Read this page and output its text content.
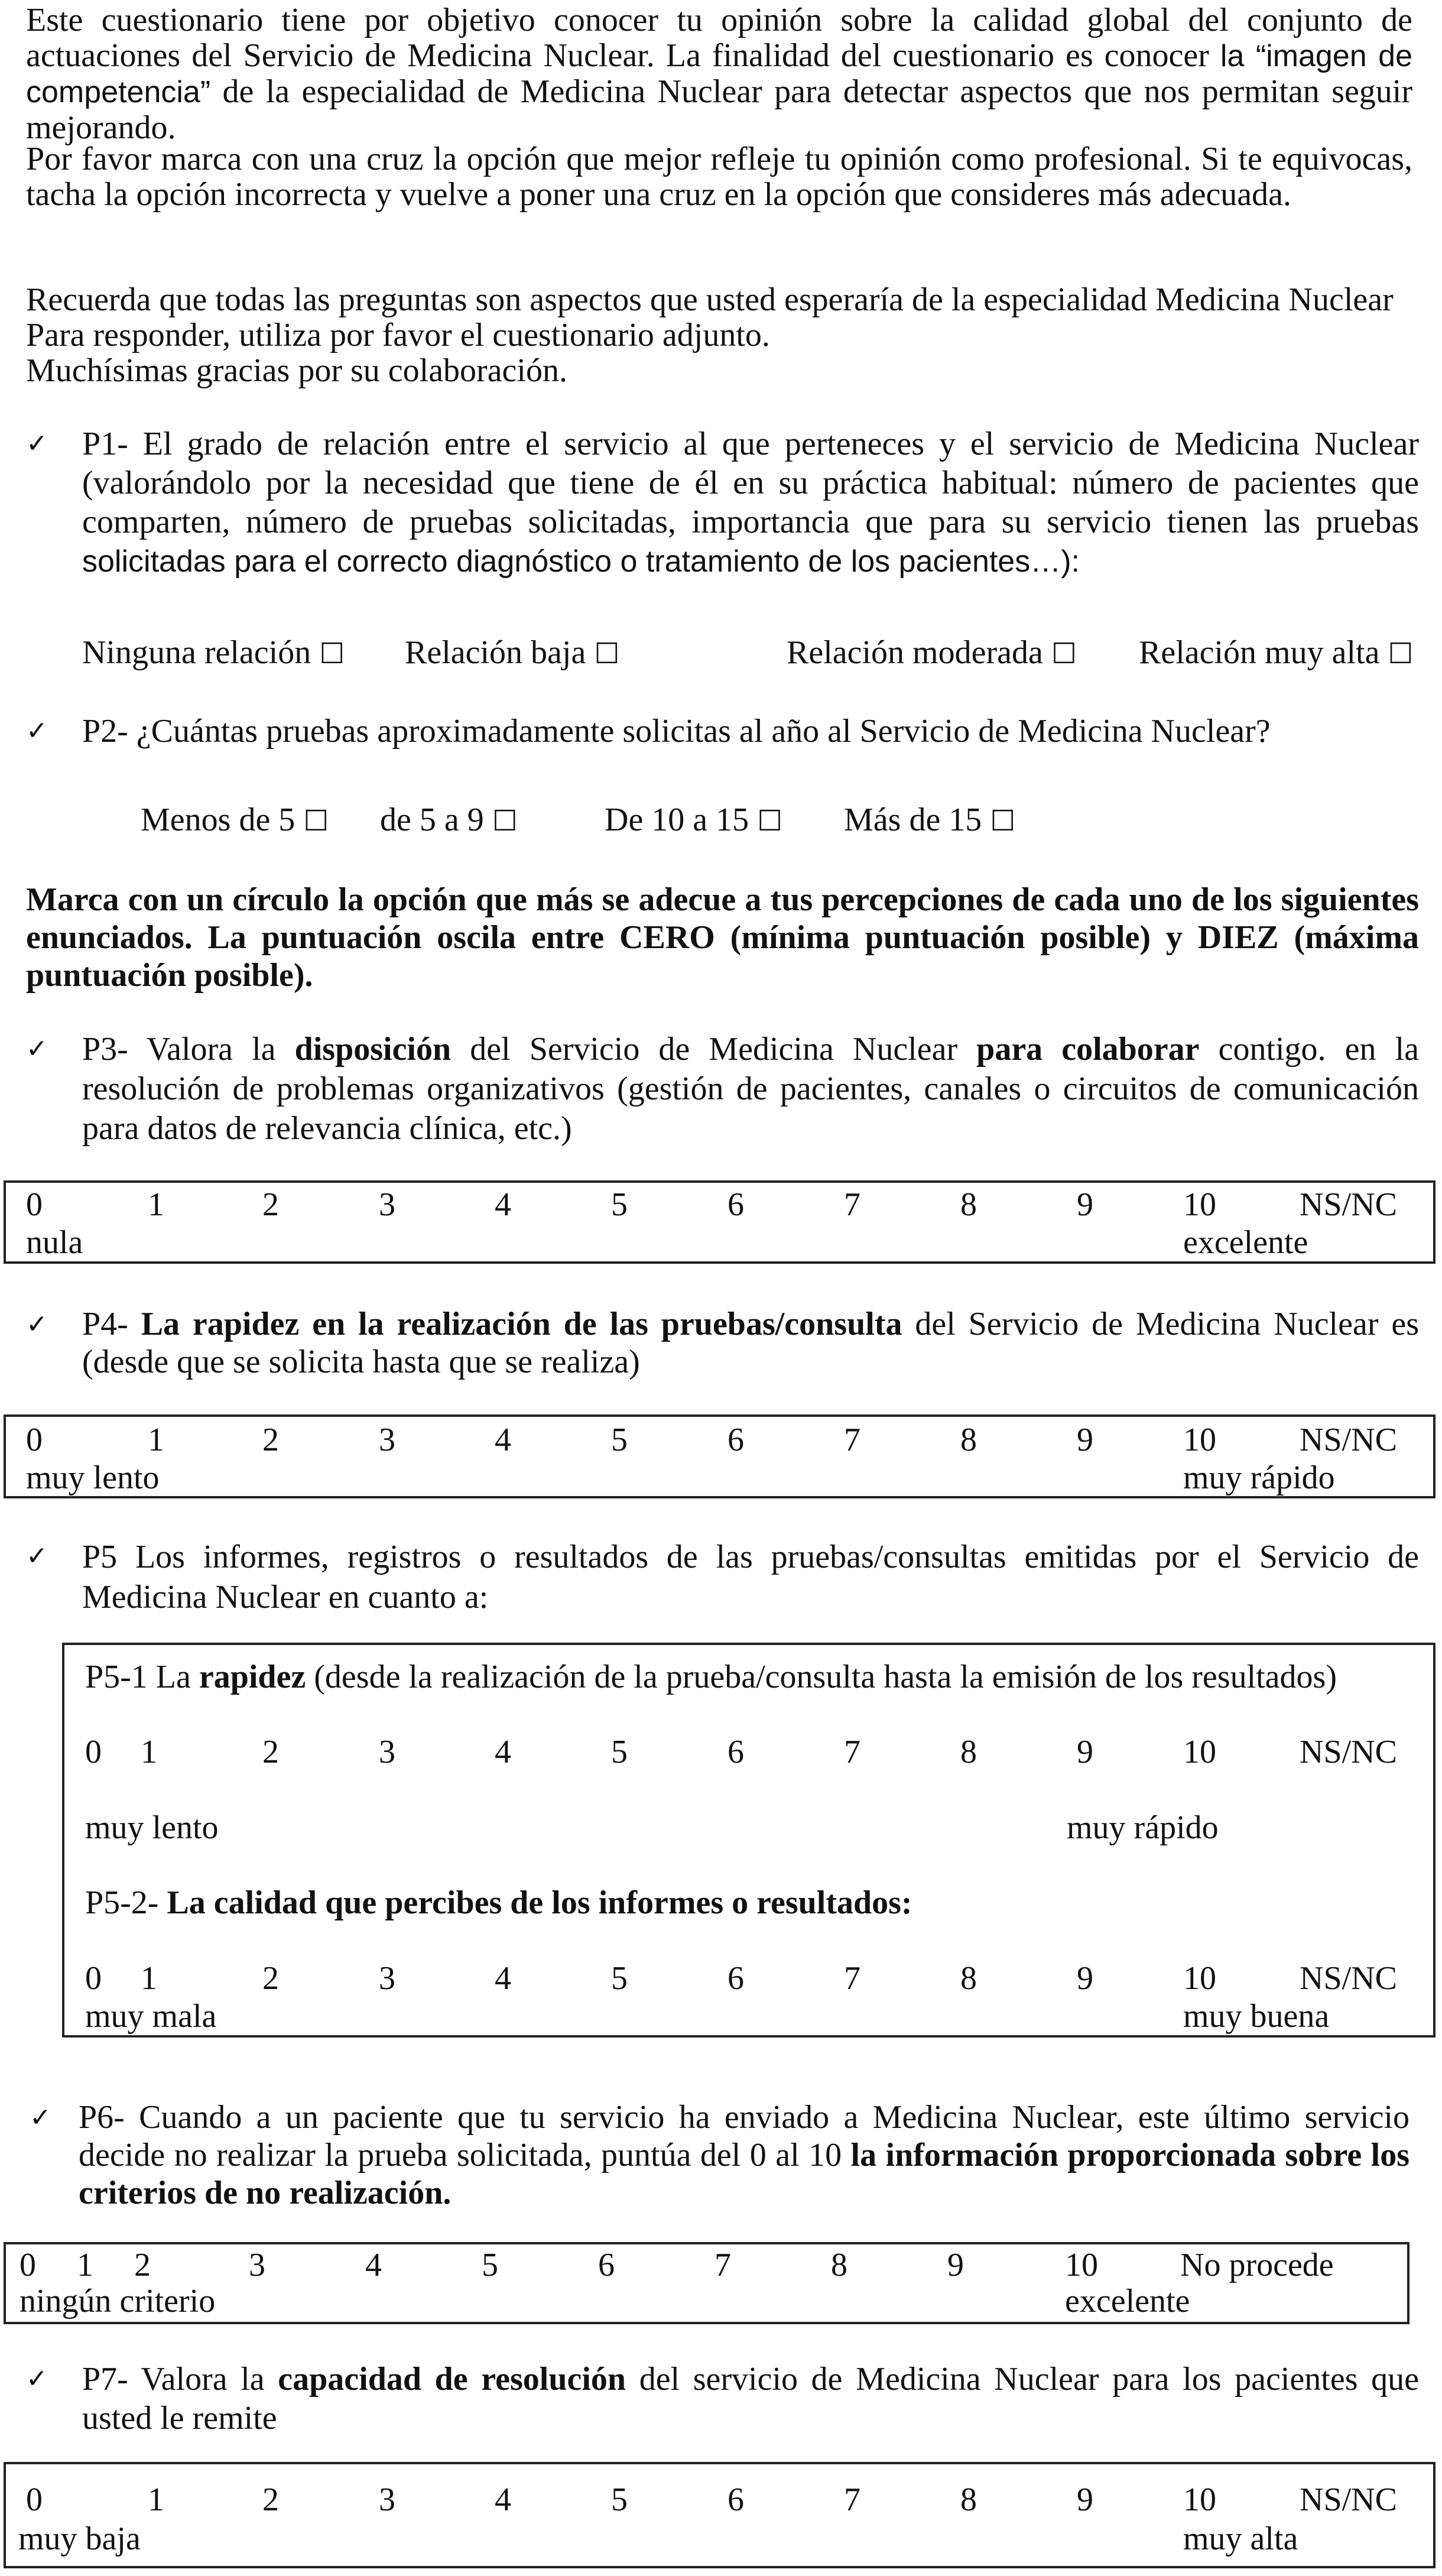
Este cuestionario tiene por objetivo conocer tu opinión sobre la calidad global del conjunto de actuaciones del Servicio de Medicina Nuclear. La finalidad del cuestionario es conocer la “imagen de competencia” de la especialidad de Medicina Nuclear para detectar aspectos que nos permitan seguir mejorando.
Por favor marca con una cruz la opción que mejor refleje tu opinión como profesional. Si te equivocas, tacha la opción incorrecta y vuelve a poner una cruz en la opción que consideres más adecuada.
Recuerda que todas las preguntas son aspectos que usted esperaría de la especialidad Medicina Nuclear
Para responder, utiliza por favor el cuestionario adjunto.
Muchísimas gracias por su colaboración.
✓ P1- El grado de relación entre el servicio al que perteneces y el servicio de Medicina Nuclear (valorándolo por la necesidad que tiene de él en su práctica habitual: número de pacientes que comparten, número de pruebas solicitadas, importancia que para su servicio tienen las pruebas solicitadas para el correcto diagnóstico o tratamiento de los pacientes…):
Ninguna relación ☐ Relación baja ☐	Relación moderada ☐ Relación muy alta ☐
✓ P2- ¿Cuántas pruebas aproximadamente solicitas al año al Servicio de Medicina Nuclear?
Menos de 5 ☐ de 5 a 9 ☐	De 10 a 15 ☐ Más de 15 ☐
Marca con un círculo la opción que más se adecue a tus percepciones de cada uno de los siguientes enunciados. La puntuación oscila entre CERO (mínima puntuación posible) y DIEZ (máxima puntuación posible).
✓ P3- Valora la disposición del Servicio de Medicina Nuclear para colaborar contigo. en la resolución de problemas organizativos (gestión de pacientes, canales o circuitos de comunicación para datos de relevancia clínica, etc.)
✓ P4- La rapidez en la realización de las pruebas/consulta del Servicio de Medicina Nuclear es (desde que se solicita hasta que se realiza)
✓ P5 Los informes, registros o resultados de las pruebas/consultas emitidas por el Servicio de Medicina Nuclear en cuanto a:
P5-1 La rapidez (desde la realización de la prueba/consulta hasta la emisión de los resultados)
P5-2- La calidad que percibes de los informes o resultados:
✓ P6- Cuando a un paciente que tu servicio ha enviado a Medicina Nuclear, este último servicio decide no realizar la prueba solicitada, puntúa del 0 al 10 la información proporcionada sobre los criterios de no realización.
✓ P7- Valora la capacidad de resolución del servicio de Medicina Nuclear para los pacientes que usted le remite
0	1	2	3	4	5	6	7	8	9	10	NS/NC
nula	excelente
0	1	2	3	4	5	6	7	8	9	10	NS/NC
muy lento	muy rápido
0 1	2	3	4	5	6	7	8	9	10	NS/NC
muy lento	muy rápido
0 1	2	3	4	5	6	7	8	9	10	NS/NC
muy mala	muy buena
0 1 2	3	4	5	6	7	8	9	10 No procede
ningún criterio	excelente
0	1	2	3	4	5	6	7	8	9	10	NS/NC
muy baja	muy alta
